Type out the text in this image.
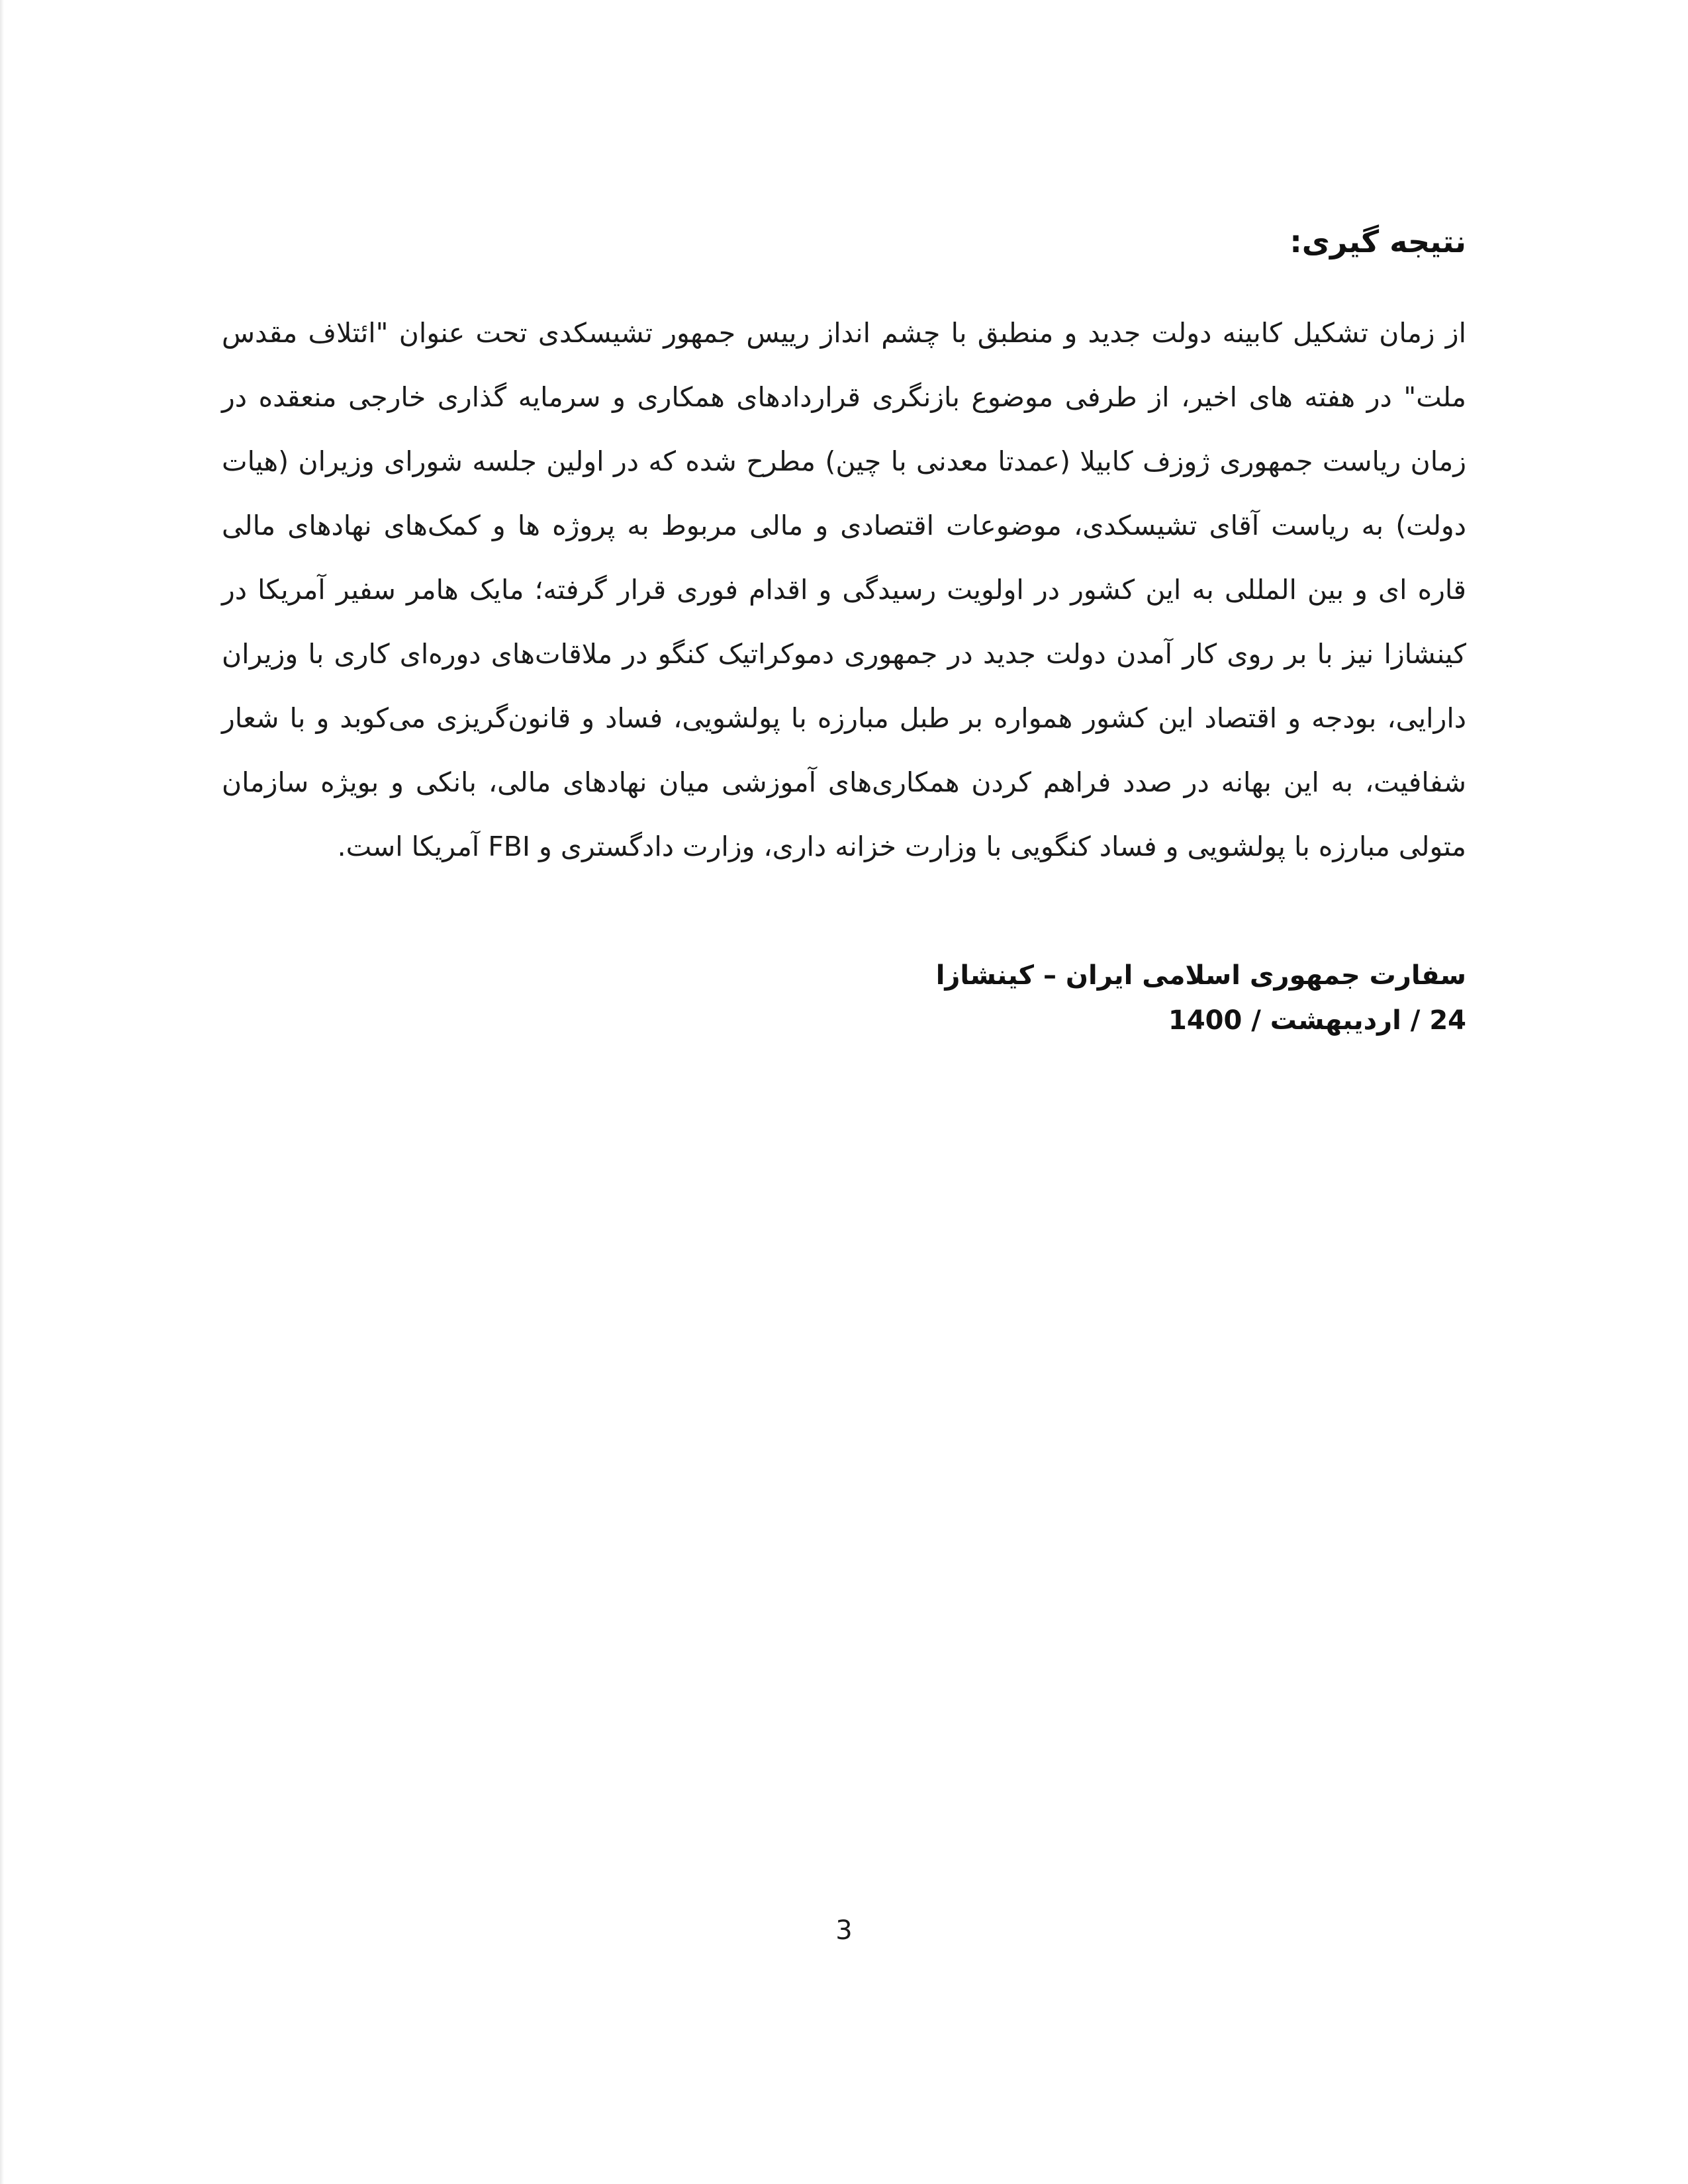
نتیجه گیری:
از زمان تشکیل کابینه دولت جدید و منطبق با چشم انداز رییس جمهور تشیسکدی تحت عنوان "ائتلاف مقدس ملت" در هفته های اخیر، از طرفی موضوع بازنگری قراردادهای همکاری و سرمایه گذاری خارجی منعقده در زمان ریاست جمهوری ژوزف کابیلا (عمدتا معدنی با چین) مطرح شده که در اولین جلسه شورای وزیران (هیات دولت) به ریاست آقای تشیسکدی، موضوعات اقتصادی و مالی مربوط به پروژه ها و کمک‌های نهادهای مالی قاره ای و بین المللی به این کشور در اولویت رسیدگی و اقدام فوری قرار گرفته؛ مایک هامر سفیر آمریکا در کینشازا نیز با بر روی کار آمدن دولت جدید در جمهوری دموکراتیک کنگو در ملاقات‌های دوره‌ای کاری با وزیران دارایی، بودجه و اقتصاد این کشور همواره بر طبل مبارزه با پولشویی، فساد و قانون‌گریزی می‌کوبد و با شعار شفافیت، به این بهانه در صدد فراهم کردن همکاری‌های آموزشی میان نهادهای مالی، بانکی و بویژه سازمان متولی مبارزه با پولشویی و فساد کنگویی با وزارت خزانه داری، وزارت دادگستری و FBI آمریکا است.
سفارت جمهوری اسلامی ایران – کینشازا
24 / اردیبهشت / 1400
3
